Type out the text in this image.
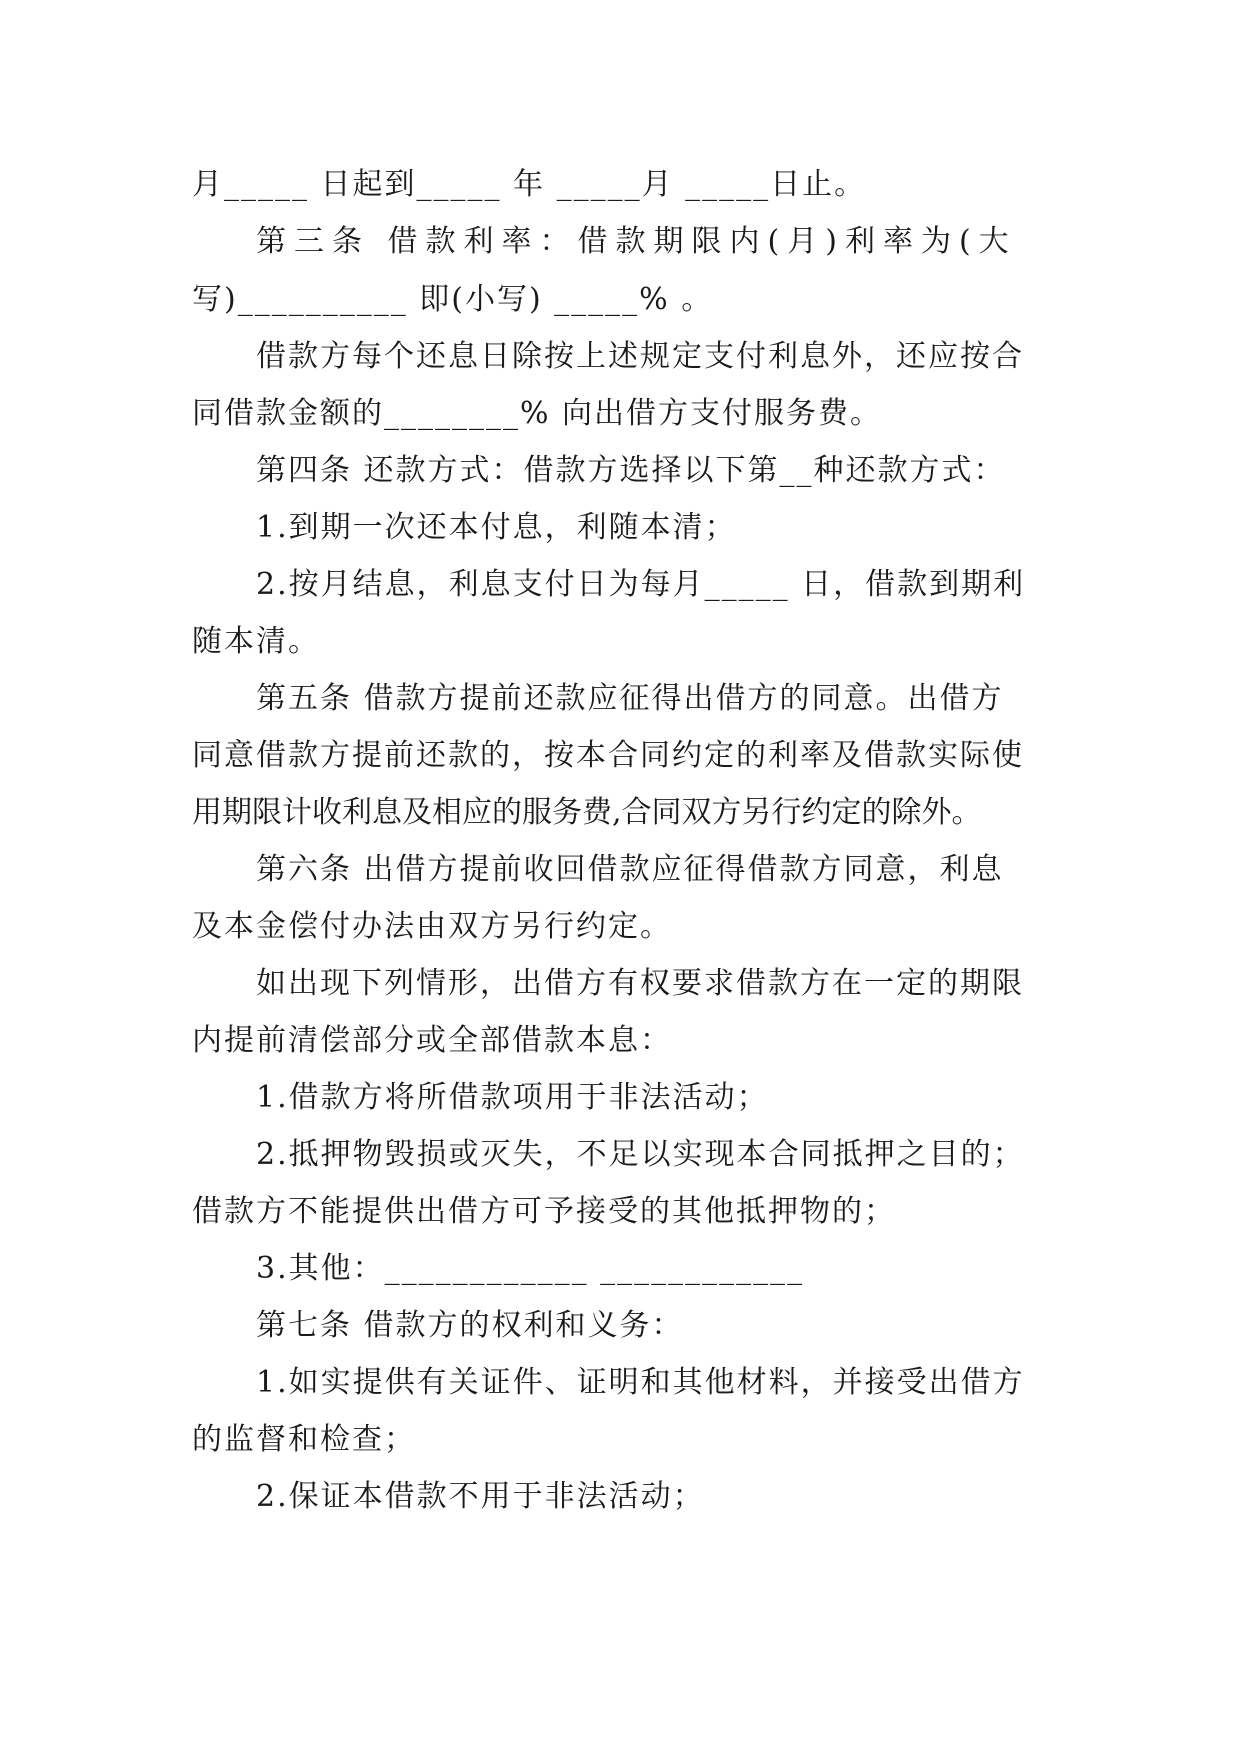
月_____ 日起到_____ 年 _____月 _____日止。
第三条 借款利率：借款期限内(月)利率为(大
写)__________ 即(小写) _____% 。
借款方每个还息日除按上述规定支付利息外，还应按合
同借款金额的________% 向出借方支付服务费。
第四条 还款方式：借款方选择以下第__种还款方式：
1.到期一次还本付息，利随本清；
2.按月结息，利息支付日为每月_____ 日，借款到期利
随本清。
第五条 借款方提前还款应征得出借方的同意。出借方
同意借款方提前还款的，按本合同约定的利率及借款实际使
用期限计收利息及相应的服务费,合同双方另行约定的除外。
第六条 出借方提前收回借款应征得借款方同意，利息
及本金偿付办法由双方另行约定。
如出现下列情形，出借方有权要求借款方在一定的期限
内提前清偿部分或全部借款本息：
1.借款方将所借款项用于非法活动；
2.抵押物毁损或灭失，不足以实现本合同抵押之目的；
借款方不能提供出借方可予接受的其他抵押物的；
3.其他：____________ ____________
第七条 借款方的权利和义务：
1.如实提供有关证件、证明和其他材料，并接受出借方
的监督和检查；
2.保证本借款不用于非法活动；
